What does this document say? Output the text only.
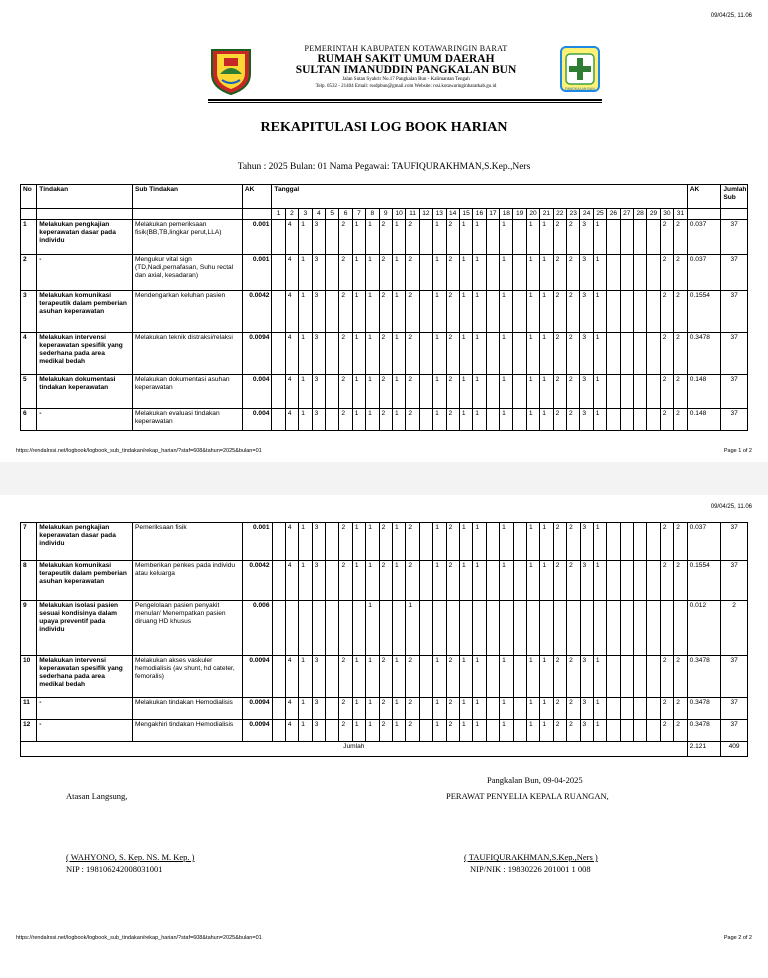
09/04/25, 11.06
PEMERINTAH KABUPATEN KOTAWARINGIN BARAT
RUMAH SAKIT UMUM DAERAH
SULTAN IMANUDDIN PANGKALAN BUN
Jalan Sutan Syahrir No.17 Pangkalan Bun - Kalimantan Tengah
Telp. 0532 - 21404 Email: rssdpbun@gmail.com Website: rssi.kotawaringinbaratkab.go.id	PANGKALAN BUN
REKAPITULASI LOG BOOK HARIAN
Tahun : 2025 Bulan: 01 Nama Pegawai: TAUFIQURAKHMAN,S.Kep.,Ners
No	Tindakan	Sub Tindakan	AK	Tanggal																															AK	Jumlah Sub
				1	2	3	4	5	6	7	8	9	10	11	12	13	14	15	16	17	18	19	20	21	22	23	24	25	26	27	28	29	30	31		
1	Melakukan pengkajian keperawatan dasar pada individu	Melakukan pemeriksaan fisik(BB,TB,lingkar perut,LLA)	0.001		4	1	3		2	1	1	2	1	2		1	2	1	1		1		1	1	2	2	3	1					2	2	0.037	37
2	-	Mengukur vital sign (TD,Nadi,pernafasan, Suhu rectal dan axial, kesadaran)	0.001		4	1	3		2	1	1	2	1	2		1	2	1	1		1		1	1	2	2	3	1					2	2	0.037	37
3	Melakukan komunikasi terapeutik dalam pemberian asuhan keperawatan	Mendengarkan keluhan pasien	0.0042		4	1	3		2	1	1	2	1	2		1	2	1	1		1		1	1	2	2	3	1					2	2	0.1554	37
4	Melakukan intervensi keperawatan spesifik yang sederhana pada area medikal bedah	Melakukan teknik distraksi/relaksi	0.0094		4	1	3		2	1	1	2	1	2		1	2	1	1		1		1	1	2	2	3	1					2	2	0.3478	37
5	Melakukan dokumentasi tindakan keperawatan	Melakukan dokumentasi asuhan keperawatan	0.004		4	1	3		2	1	1	2	1	2		1	2	1	1		1		1	1	2	2	3	1					2	2	0.148	37
6	-	Melakukan evaluasi tindakan keperawatan	0.004		4	1	3		2	1	1	2	1	2		1	2	1	1		1		1	1	2	2	3	1					2	2	0.148	37
https://rendalrssi.net/logbook/logbook_sub_tindakan/rekap_harian/?staf=608&tahun=2025&bulan=01	Page 1 of 2
09/04/25, 11.06
7	Melakukan pengkajian keperawatan dasar pada individu	Pemeriksaan fisik	0.001		4	1	3		2	1	1	2	1	2		1	2	1	1		1		1	1	2	2	3	1					2	2	0.037	37
8	Melakukan komunikasi terapeutik dalam pemberian asuhan keperawatan	Memberikan penkes pada individu atau keluarga	0.0042		4	1	3		2	1	1	2	1	2		1	2	1	1		1		1	1	2	2	3	1					2	2	0.1554	37
9	Melakukan isolasi pasien sesuai kondisinya dalam upaya preventif pada individu	Pengelolaan pasien penyakit menular/ Menempatkan pasien diruang HD khusus	0.006								1			1																					0.012	2
10	Melakukan intervensi keperawatan spesifik yang sederhana pada area medikal bedah	Melakukan akses vaskuler hemodialisis (av shunt, hd cateter, femoralis)	0.0094		4	1	3		2	1	1	2	1	2		1	2	1	1		1		1	1	2	2	3	1					2	2	0.3478	37
11	-	Melakukan tindakan Hemodialisis	0.0094		4	1	3		2	1	1	2	1	2		1	2	1	1		1		1	1	2	2	3	1					2	2	0.3478	37
12	-	Mengakhiri tindakan Hemodialisis	0.0094		4	1	3		2	1	1	2	1	2		1	2	1	1		1		1	1	2	2	3	1					2	2	0.3478	37
Jumlah																																			2.121	409
Pangkalan Bun, 09-04-2025
Atasan Langsung,	PERAWAT PENYELIA KEPALA RUANGAN,
( WAHYONO, S. Kep. NS. M. Kep. )
NIP : 198106242008031001
( TAUFIQURAKHMAN,S.Kep.,Ners )
NIP/NIK : 19830226 201001 1 008
https://rendalrssi.net/logbook/logbook_sub_tindakan/rekap_harian/?staf=608&tahun=2025&bulan=01	Page 2 of 2
